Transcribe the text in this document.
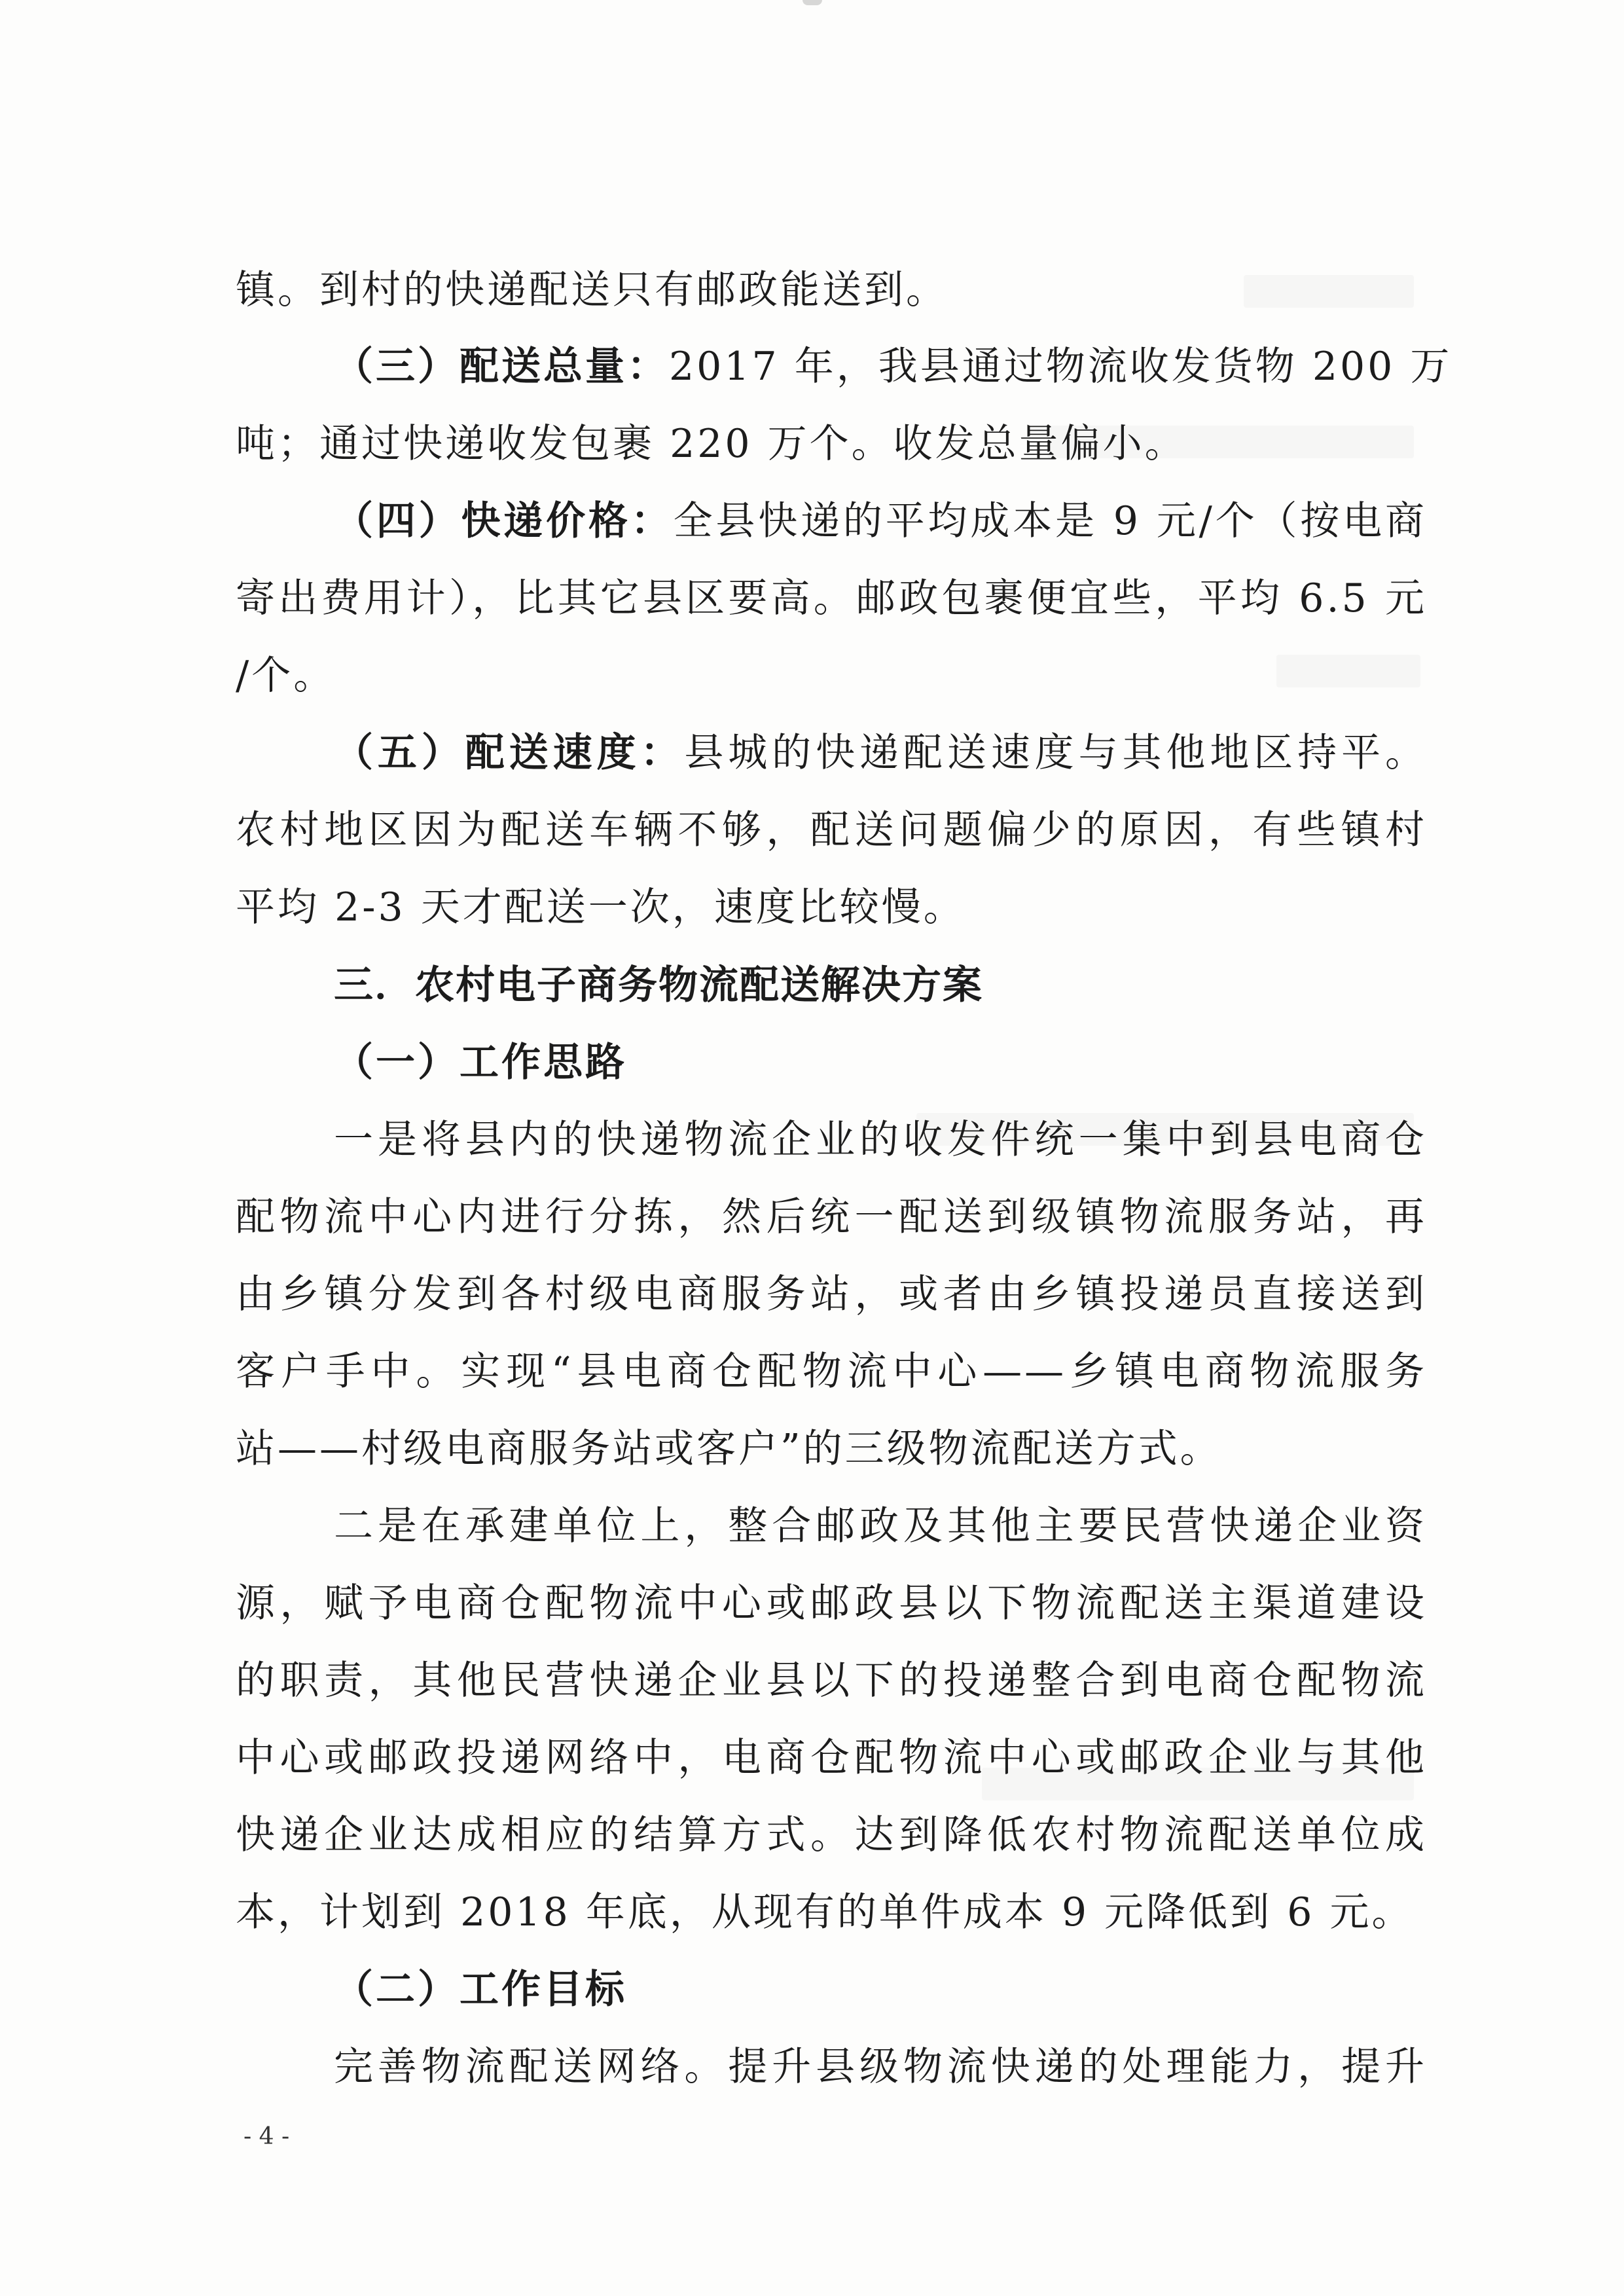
镇。到村的快递配送只有邮政能送到。
（三）配送总量：2017 年，我县通过物流收发货物 200 万
吨；通过快递收发包裹 220 万个。收发总量偏小。
（四）快递价格：全县快递的平均成本是 9 元/个（按电商
寄出费用计），比其它县区要高。邮政包裹便宜些，平均 6.5 元
/个。
（五）配送速度：县城的快递配送速度与其他地区持平。
农村地区因为配送车辆不够，配送问题偏少的原因，有些镇村
平均 2-3 天才配送一次，速度比较慢。
三．农村电子商务物流配送解决方案
（一）工作思路
一是将县内的快递物流企业的收发件统一集中到县电商仓
配物流中心内进行分拣，然后统一配送到级镇物流服务站，再
由乡镇分发到各村级电商服务站，或者由乡镇投递员直接送到
客户手中。实现“县电商仓配物流中心——乡镇电商物流服务
站——村级电商服务站或客户”的三级物流配送方式。
二是在承建单位上，整合邮政及其他主要民营快递企业资
源，赋予电商仓配物流中心或邮政县以下物流配送主渠道建设
的职责，其他民营快递企业县以下的投递整合到电商仓配物流
中心或邮政投递网络中，电商仓配物流中心或邮政企业与其他
快递企业达成相应的结算方式。达到降低农村物流配送单位成
本，计划到 2018 年底，从现有的单件成本 9 元降低到 6 元。
（二）工作目标
完善物流配送网络。提升县级物流快递的处理能力，提升
- 4 -
